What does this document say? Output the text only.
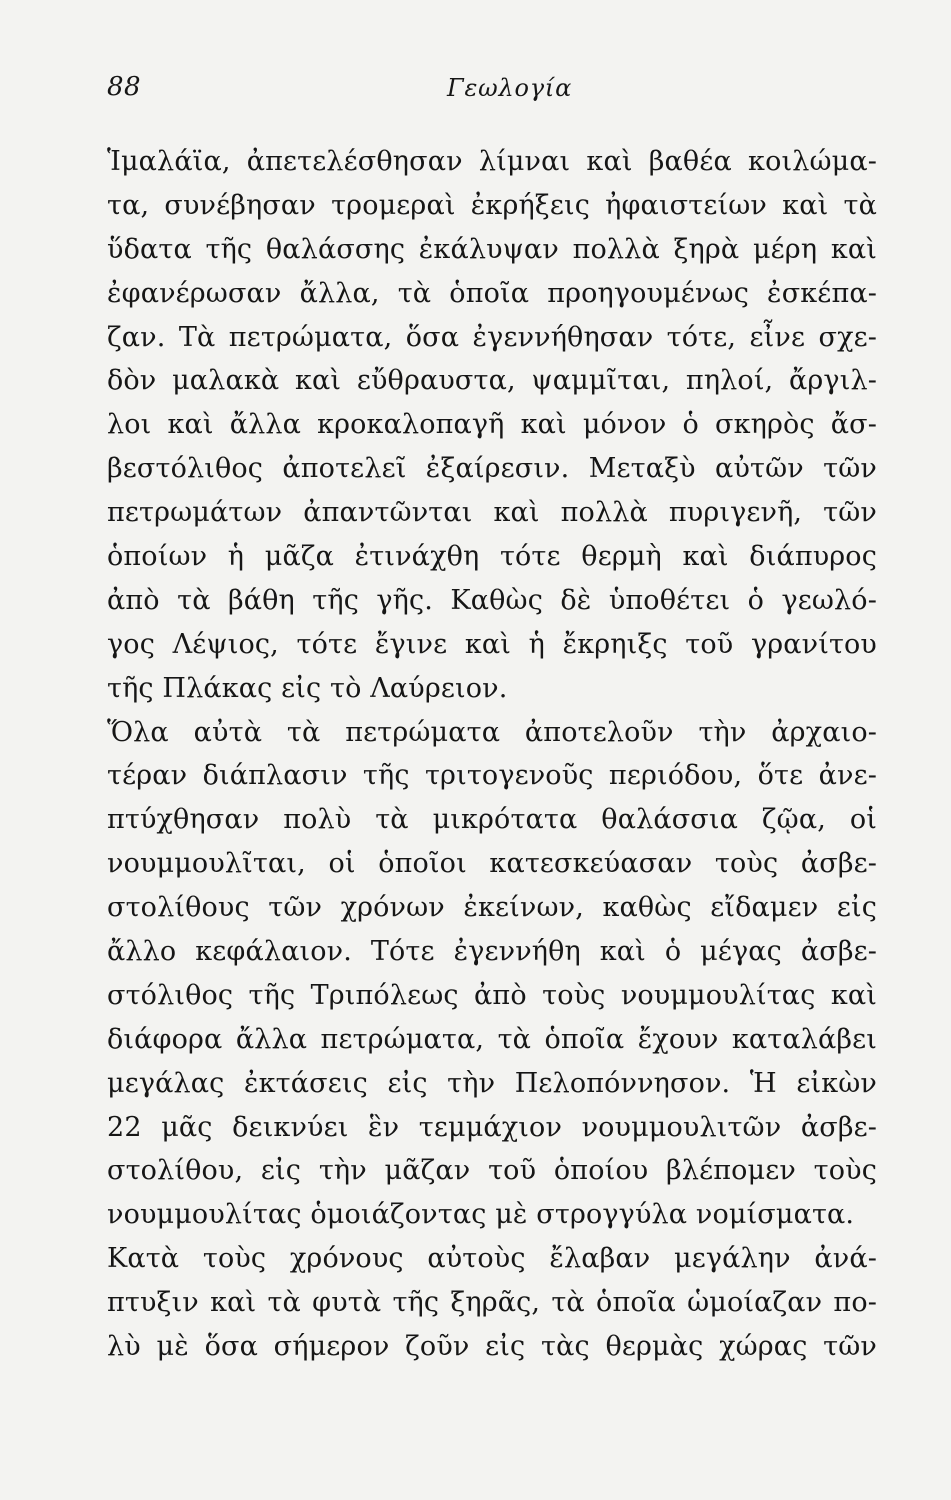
88	Γεωλογία
Ἱμαλάϊα, ἀπετελέσθησαν λίμναι καὶ βαθέα κοιλώμα-
τα, συνέβησαν τρομεραὶ ἐκρήξεις ἠφαιστείων καὶ τὰ
ὕδατα τῆς θαλάσσης ἐκάλυψαν πολλὰ ξηρὰ μέρη καὶ
ἐφανέρωσαν ἄλλα, τὰ ὁποῖα προηγουμένως ἐσκέπα-
ζαν. Τὰ πετρώματα, ὅσα ἐγεννήθησαν τότε, εἶνε σχε-
δὸν μαλακὰ καὶ εὔθραυστα, ψαμμῖται, πηλοί, ἄργιλ-
λοι καὶ ἄλλα κροκαλοπαγῆ καὶ μόνον ὁ σκηρὸς ἄσ-
βεστόλιθος ἀποτελεῖ ἐξαίρεσιν. Μεταξὺ αὐτῶν τῶν
πετρωμάτων ἀπαντῶνται καὶ πολλὰ πυριγενῆ, τῶν
ὁποίων ἡ μᾶζα ἐτινάχθη τότε θερμὴ καὶ διάπυρος
ἀπὸ τὰ βάθη τῆς γῆς. Καθὼς δὲ ὑποθέτει ὁ γεωλό-
γος Λέψιος, τότε ἔγινε καὶ ἡ ἔκρηιξς τοῦ γρανίτου
τῆς Πλάκας εἰς τὸ Λαύρειον.
Ὅλα αὐτὰ τὰ πετρώματα ἀποτελοῦν τὴν ἀρχαιο-
τέραν διάπλασιν τῆς τριτογενοῦς περιόδου, ὅτε ἀνε-
πτύχθησαν πολὺ τὰ μικρότατα θαλάσσια ζῷα, οἱ
νουμμουλῖται, οἱ ὁποῖοι κατεσκεύασαν τοὺς ἀσβε-
στολίθους τῶν χρόνων ἐκείνων, καθὼς εἴδαμεν εἰς
ἄλλο κεφάλαιον. Τότε ἐγεννήθη καὶ ὁ μέγας ἀσβε-
στόλιθος τῆς Τριπόλεως ἀπὸ τοὺς νουμμουλίτας καὶ
διάφορα ἄλλα πετρώματα, τὰ ὁποῖα ἔχουν καταλάβει
μεγάλας ἐκτάσεις εἰς τὴν Πελοπόννησον. Ἡ εἰκὼν
22 μᾶς δεικνύει ἓν τεμμάχιον νουμμουλιτῶν ἀσβε-
στολίθου, εἰς τὴν μᾶζαν τοῦ ὁποίου βλέπομεν τοὺς
νουμμουλίτας ὁμοιάζοντας μὲ στρογγύλα νομίσματα.
Κατὰ τοὺς χρόνους αὐτοὺς ἔλαβαν μεγάλην ἀνά-
πτυξιν καὶ τὰ φυτὰ τῆς ξηρᾶς, τὰ ὁποῖα ὡμοίαζαν πο-
λὺ μὲ ὅσα σήμερον ζοῦν εἰς τὰς θερμὰς χώρας τῶν
